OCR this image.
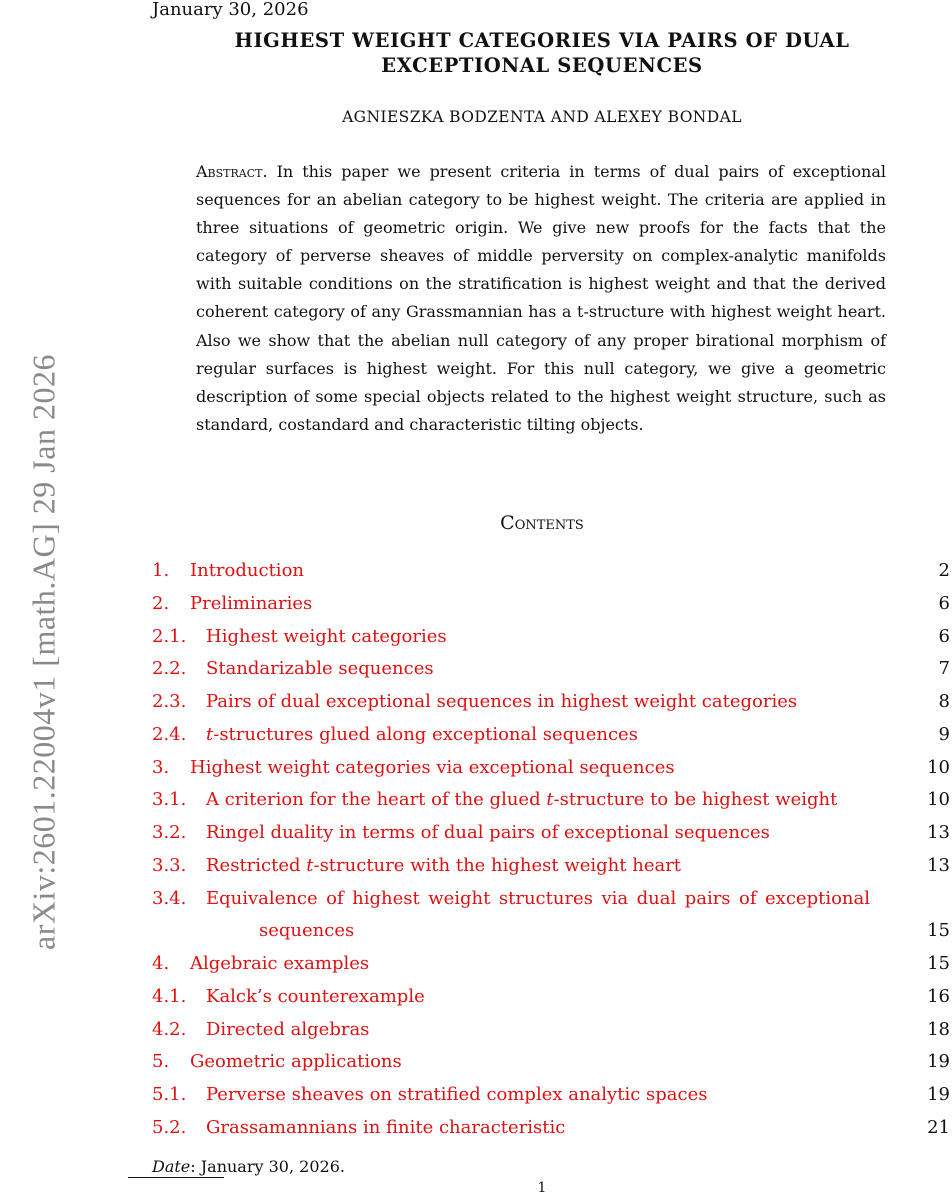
January 30, 2026
HIGHEST WEIGHT CATEGORIES VIA PAIRS OF DUAL
EXCEPTIONAL SEQUENCES
AGNIESZKA BODZENTA AND ALEXEY BONDAL
Abstract. In this paper we present criteria in terms of dual pairs of exceptional sequences for an abelian category to be highest weight. The criteria are applied in three situations of geometric origin. We give new proofs for the facts that the category of perverse sheaves of middle perversity on complex-analytic manifolds with suitable conditions on the stratification is highest weight and that the derived coherent category of any Grassmannian has a t-structure with highest weight heart. Also we show that the abelian null category of any proper birational morphism of regular surfaces is highest weight. For this null category, we give a geometric description of some special objects related to the highest weight structure, such as standard, costandard and characteristic tilting objects.
Contents
1. Introduction	2
2. Preliminaries	6
2.1. Highest weight categories	6
2.2. Standarizable sequences	7
2.3. Pairs of dual exceptional sequences in highest weight categories	8
2.4. t-structures glued along exceptional sequences	9
3. Highest weight categories via exceptional sequences	10
3.1. A criterion for the heart of the glued t-structure to be highest weight	10
3.2. Ringel duality in terms of dual pairs of exceptional sequences	13
3.3. Restricted t-structure with the highest weight heart	13
3.4. Equivalence of highest weight structures via dual pairs of exceptional
sequences	15
4. Algebraic examples	15
4.1. Kalck’s counterexample	16
4.2. Directed algebras	18
5. Geometric applications	19
5.1. Perverse sheaves on stratified complex analytic spaces	19
5.2. Grassamannians in finite characteristic	21
Date: January 30, 2026.
1
arXiv:2601.22004v1 [math.AG] 29 Jan 2026
